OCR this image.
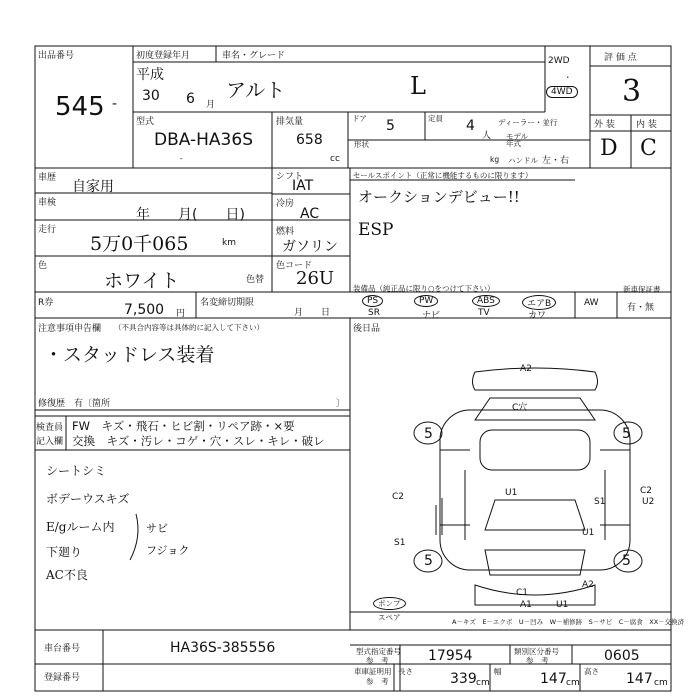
出品番号
545 -
初度登録年月	車名・グレード
平成
30 6 月
アルト	L
2WD
・
4WD
評 価 点
3
外 装 内 装
D C
型式
DBA-HA36S
-
排気量
658
cc
ドア 5	定員 4
人
ディーラー・並行
形状
モデル
年式
kg ハンドル 左・右
車歴
自家用
車検
年　　月(　　日)
走行
5万0千065	km
色
ホワイト	色替
シフト
IAT
冷房
AC
燃料
ガソリン
色コード
26U
R券	7,500 円
名変締切期限
月　　日
セールスポイント（正常に機能するものに限ります）
オークションデビュー!!
ESP
装備品（純正品に限り○をつけて下さい）
PS	PW	ABS	エアB	AW
SR	ナビ	TV	カワ
新車保証書
有・無
後日品
注意事項申告欄 （不具合内容等は具体的に記入して下さい）
・スタッドレス装着
修復歴　有〔箇所	〕
検査員
記入欄
FW　キズ・飛石・ヒビ割・リペア跡・×要
交換　キズ・汚レ・コゲ・穴・スレ・キレ・破レ
シートシミ
ボデーウスキズ
E/gルーム内
下廻り
AC不良
サビ
フジョク
A2
C穴
5	5
5	5
C2	U1
S1
C2
U2
S1
U1
A2
C1
A1	U1
ポンプ
スペア	A－キズ　E－エクボ　U－凹み　W－補修跡　S－サビ　C－腐食　XX－交換済
車台番号	HA36S-385556
登録番号
型式指定番号
参　考	17954	類別区分番号
参　考	0605
車庫証明用
参　考
長さ	339 cm
幅	147 cm
高さ 147 cm
